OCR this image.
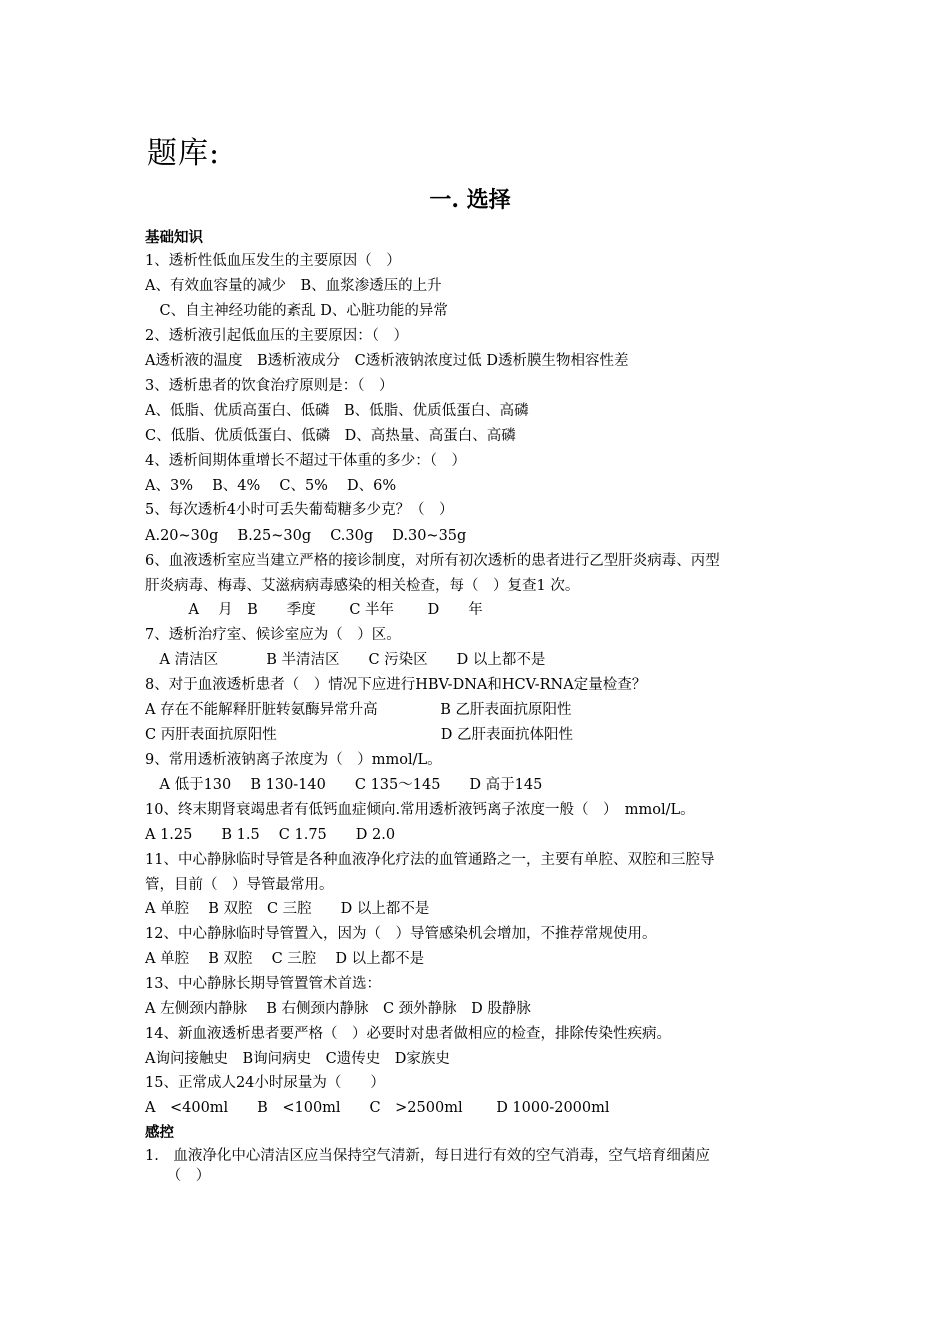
题库:
一. 选择
基础知识
1、透析性低血压发生的主要原因（　）
A、有效血容量的减少　B、血浆渗透压的上升
　C、自主神经功能的紊乱 D、心脏功能的异常
2、透析液引起低血压的主要原因：（　）
A透析液的温度　B透析液成分　C透析液钠浓度过低 D透析膜生物相容性差
3、透析患者的饮食治疗原则是：（　）
A、低脂、优质高蛋白、低磷　B、低脂、优质低蛋白、高磷
C、低脂、优质低蛋白、低磷　D、高热量、高蛋白、高磷
4、透析间期体重增长不超过干体重的多少：（　）
A、3%　 B、4%　 C、5%　 D、6%
5、每次透析4小时可丢失葡萄糖多少克？（　）
A.20~30g　 B.25~30g　 C.30g　 D.30~35g
6、血液透析室应当建立严格的接诊制度，对所有初次透析的患者进行乙型肝炎病毒、丙型
肝炎病毒、梅毒、艾滋病病毒感染的相关检查，每（　）复查1 次。
　　　A　 月　B　　季度　　 C 半年　　 D　　年
7、透析治疗室、候诊室应为（　）区。
　A 清洁区　　　 B 半清洁区　　C 污染区　　D 以上都不是
8、对于血液透析患者（　）情况下应进行HBV-DNA和HCV-RNA定量检查？
A 存在不能解释肝脏转氨酶异常升高　　　　 B 乙肝表面抗原阳性
C 丙肝表面抗原阳性　　　　　　　　　　　 D 乙肝表面抗体阳性
9、常用透析液钠离子浓度为（　）mmol/L。
　A 低于130　 B 130-140　　C 135～145　　D 高于145
10、终末期肾衰竭患者有低钙血症倾向.常用透析液钙离子浓度一般（　）　mmol/L。
A 1.25　　B 1.5　 C 1.75　　D 2.0
11、中心静脉临时导管是各种血液净化疗法的血管通路之一，主要有单腔、双腔和三腔导
管，目前（　）导管最常用。
A 单腔　 B 双腔　C 三腔　　D 以上都不是
12、中心静脉临时导管置入，因为（　）导管感染机会增加，不推荐常规使用。
A 单腔　 B 双腔　 C 三腔　 D 以上都不是
13、中心静脉长期导管置管术首选：
A 左侧颈内静脉　 B 右侧颈内静脉　C 颈外静脉　D 股静脉
14、新血液透析患者要严格（　）必要时对患者做相应的检查，排除传染性疾病。
A询问接触史　B询问病史　C遗传史　D家族史
15、正常成人24小时尿量为（　　）
A　<400ml　　B　<100ml　　C　>2500ml　　 D 1000-2000ml
感控
1.　血液净化中心清洁区应当保持空气清新，每日进行有效的空气消毒，空气培育细菌应
　　（　）
